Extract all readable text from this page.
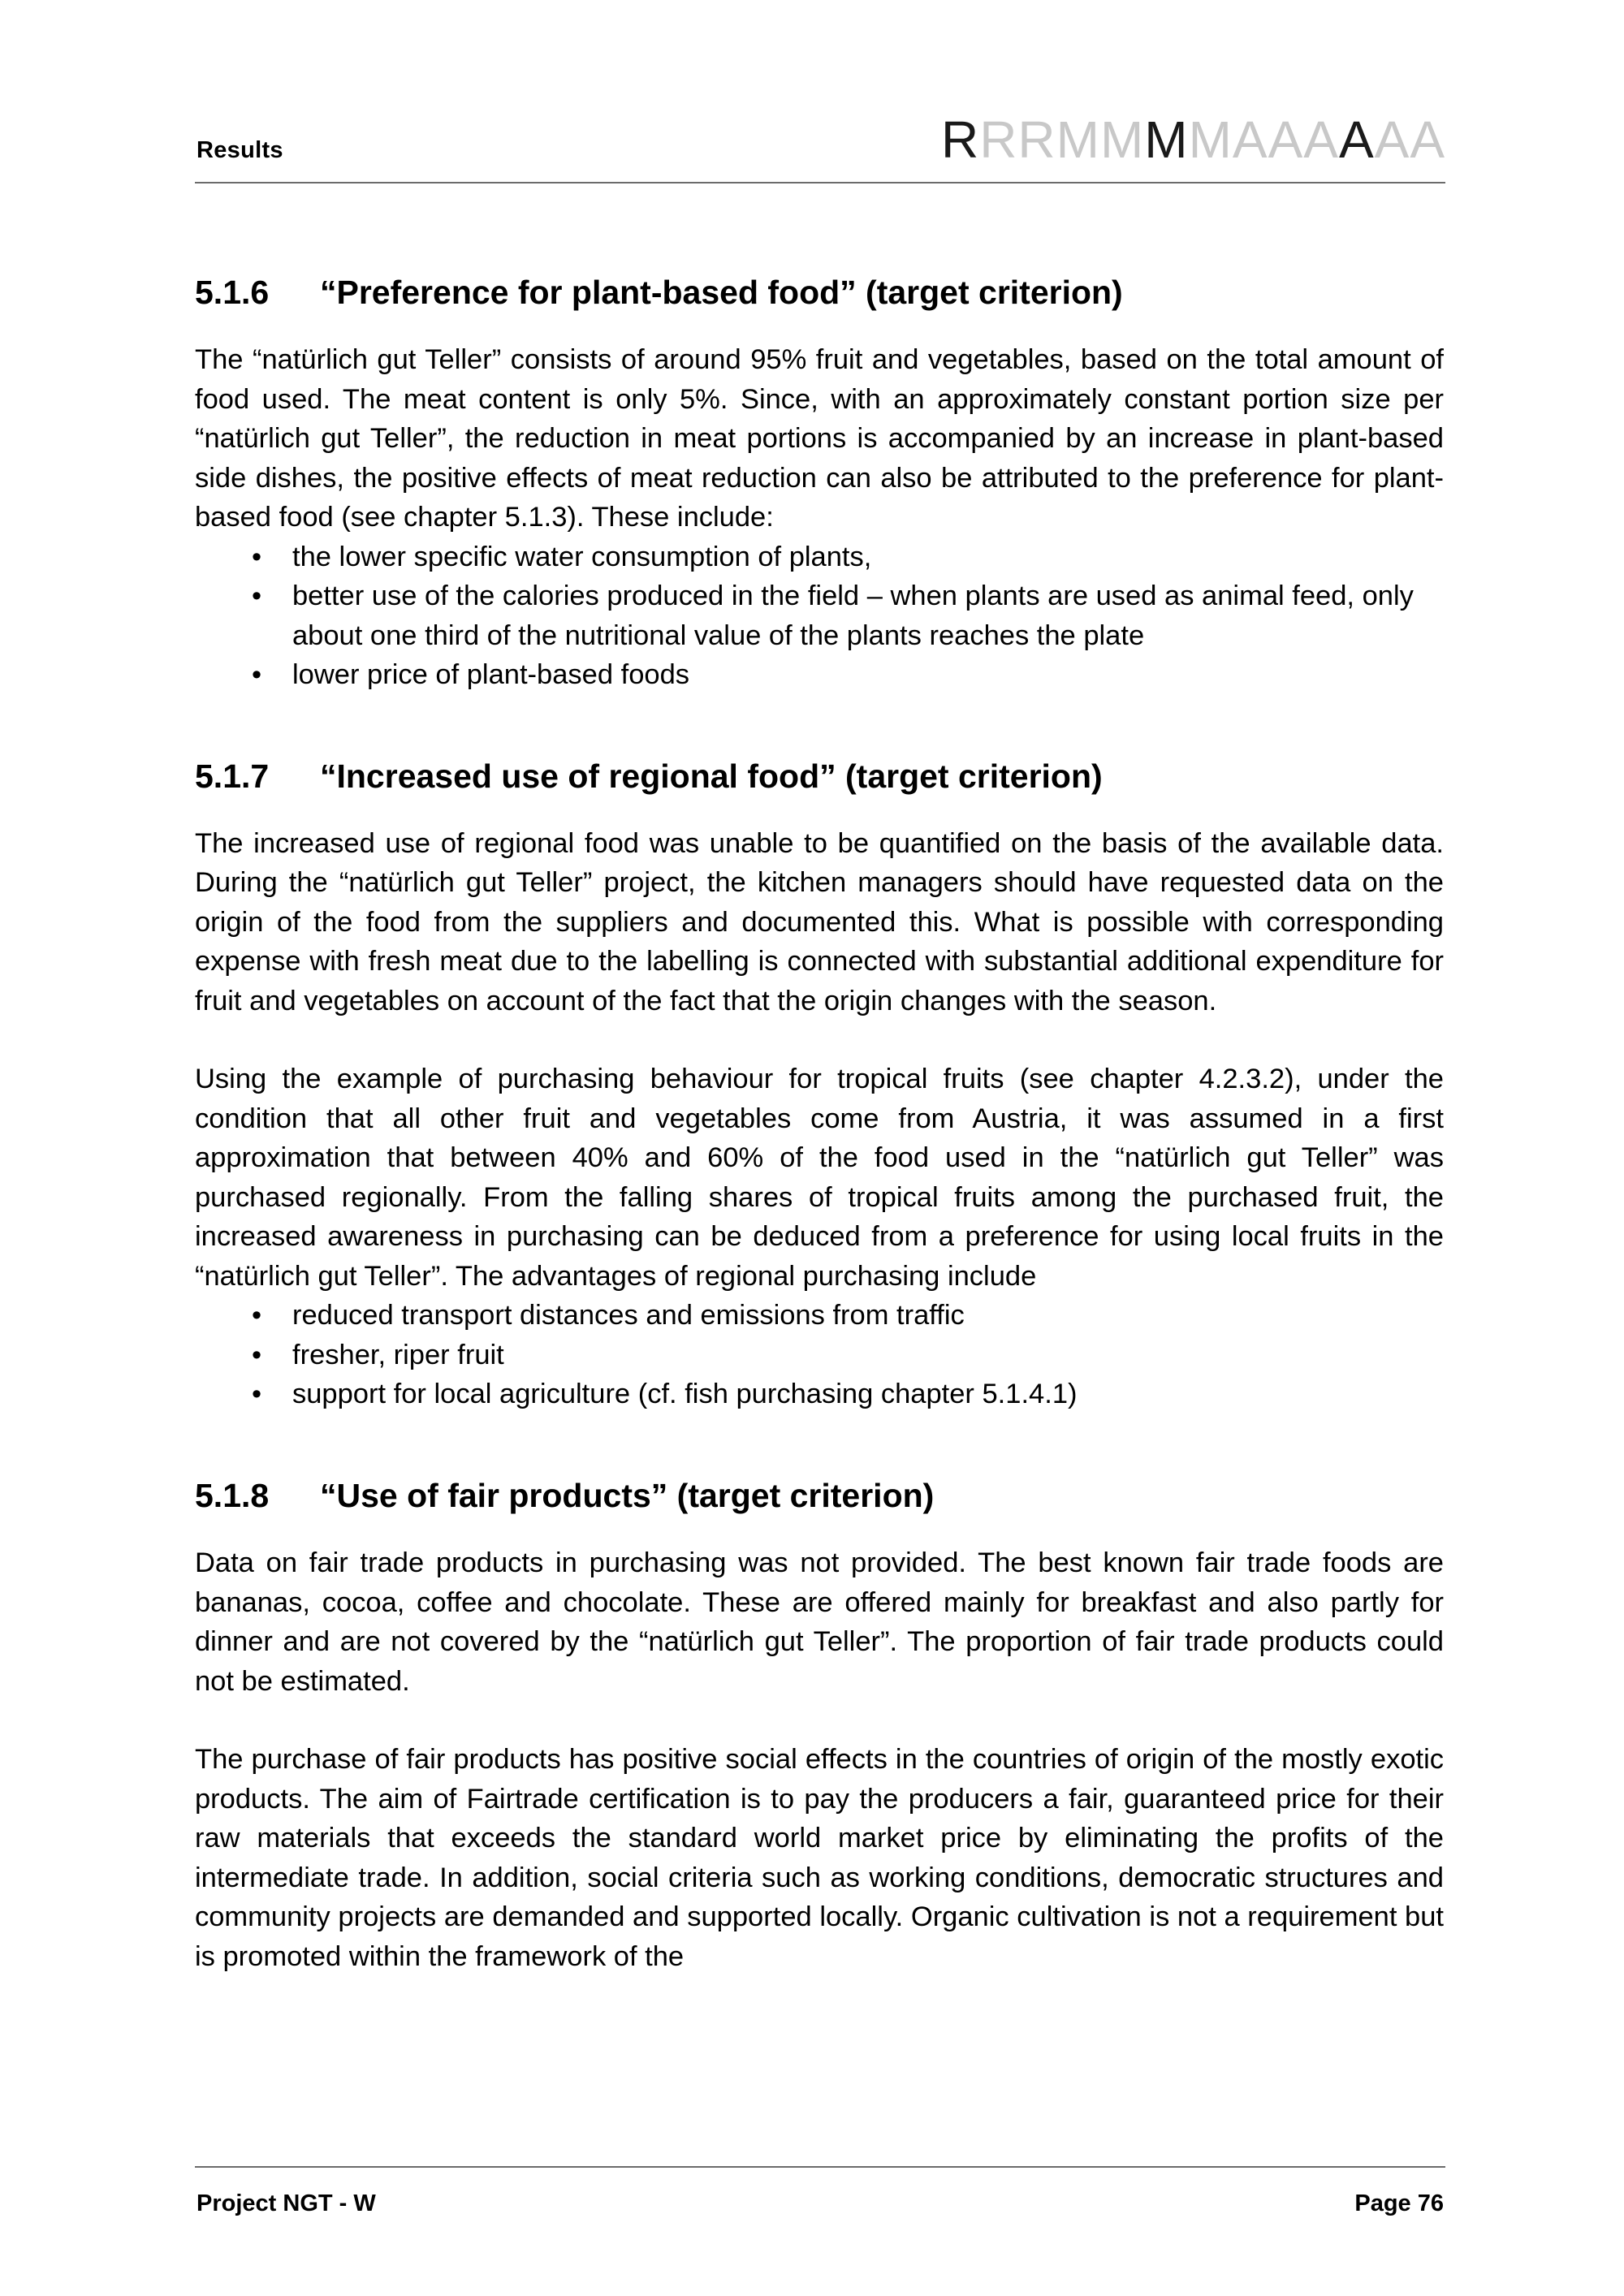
Results	RRRMMMMAAAAAA
5.1.6	“Preference for plant-based food” (target criterion)

The “natürlich gut Teller” consists of around 95% fruit and vegetables, based on the total amount of food used. The meat content is only 5%. Since, with an approximately constant portion size per “natürlich gut Teller”, the reduction in meat portions is accompanied by an increase in plant-based side dishes, the positive effects of meat reduction can also be attributed to the preference for plant-based food (see chapter 5.1.3). These include:

• the lower specific water consumption of plants,
• better use of the calories produced in the field – when plants are used as animal feed, only about one third of the nutritional value of the plants reaches the plate
• lower price of plant-based foods
5.1.7	“Increased use of regional food” (target criterion)

The increased use of regional food was unable to be quantified on the basis of the available data. During the “natürlich gut Teller” project, the kitchen managers should have requested data on the origin of the food from the suppliers and documented this. What is possible with corresponding expense with fresh meat due to the labelling is connected with substantial additional expenditure for fruit and vegetables on account of the fact that the origin changes with the season.

Using the example of purchasing behaviour for tropical fruits (see chapter 4.2.3.2), under the condition that all other fruit and vegetables come from Austria, it was assumed in a first approximation that between 40% and 60% of the food used in the “natürlich gut Teller” was purchased regionally. From the falling shares of tropical fruits among the purchased fruit, the increased awareness in purchasing can be deduced from a preference for using local fruits in the “natürlich gut Teller”. The advantages of regional purchasing include

• reduced transport distances and emissions from traffic
• fresher, riper fruit
• support for local agriculture (cf. fish purchasing chapter 5.1.4.1)
5.1.8	“Use of fair products” (target criterion)

Data on fair trade products in purchasing was not provided. The best known fair trade foods are bananas, cocoa, coffee and chocolate. These are offered mainly for breakfast and also partly for dinner and are not covered by the “natürlich gut Teller”. The proportion of fair trade products could not be estimated.

The purchase of fair products has positive social effects in the countries of origin of the mostly exotic products. The aim of Fairtrade certification is to pay the producers a fair, guaranteed price for their raw materials that exceeds the standard world market price by eliminating the profits of the intermediate trade. In addition, social criteria such as working conditions, democratic structures and community projects are demanded and supported locally. Organic cultivation is not a requirement but is promoted within the framework of the

Project NGT - W	Page 76
